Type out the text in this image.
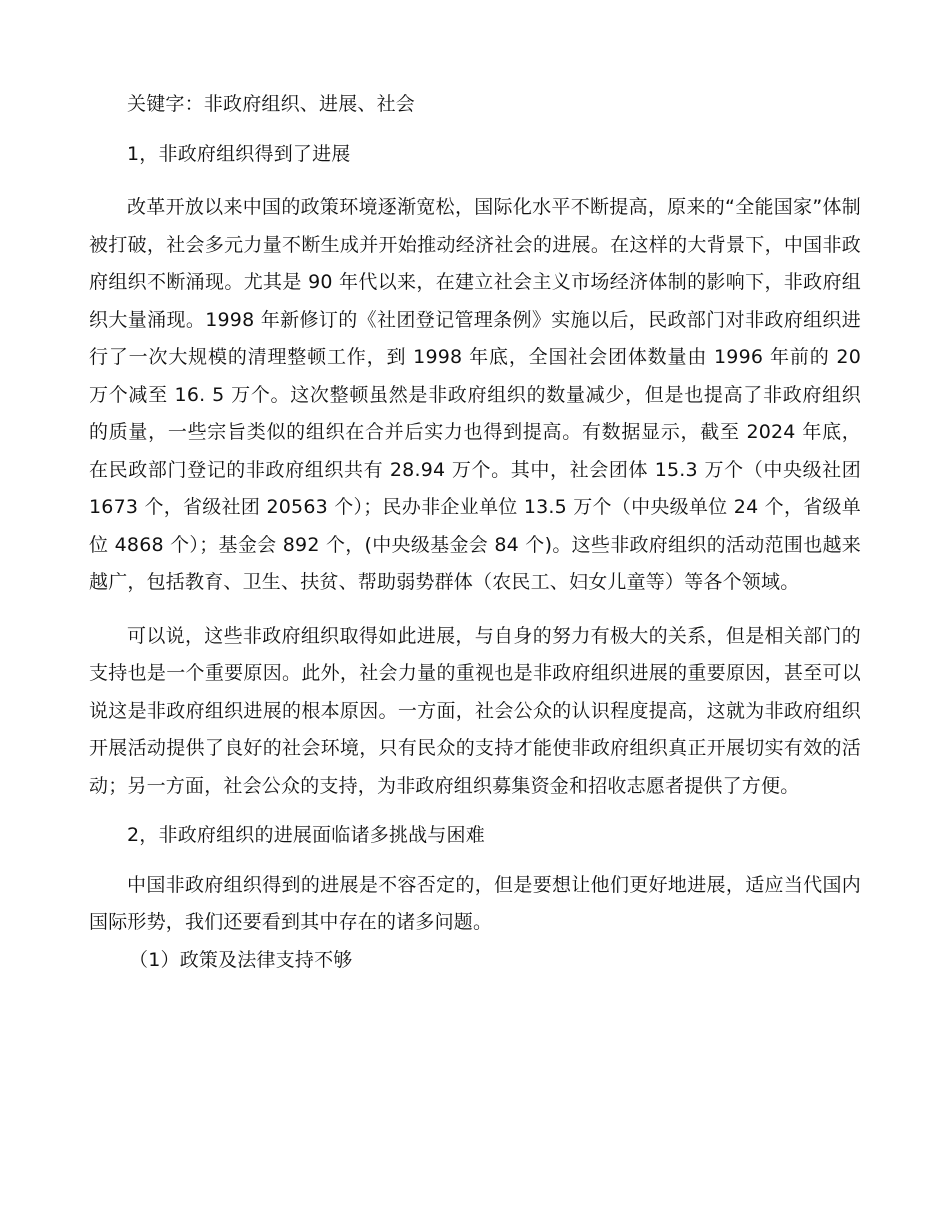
关键字：非政府组织、进展、社会

1，非政府组织得到了进展

改革开放以来中国的政策环境逐渐宽松，国际化水平不断提高，原来的“全能国家”体制被打破，社会多元力量不断生成并开始推动经济社会的进展。在这样的大背景下，中国非政府组织不断涌现。尤其是 90 年代以来，在建立社会主义市场经济体制的影响下，非政府组织大量涌现。1998 年新修订的《社团登记管理条例》实施以后，民政部门对非政府组织进行了一次大规模的清理整顿工作，到 1998 年底，全国社会团体数量由 1996 年前的 20 万个减至 16. 5 万个。这次整顿虽然是非政府组织的数量减少，但是也提高了非政府组织的质量，一些宗旨类似的组织在合并后实力也得到提高。有数据显示，截至 2024 年底，在民政部门登记的非政府组织共有 28.94 万个。其中，社会团体 15.3 万个（中央级社团 1673 个，省级社团 20563 个）；民办非企业单位 13.5 万个（中央级单位 24 个，省级单位 4868 个）；基金会 892 个，(中央级基金会 84 个)。这些非政府组织的活动范围也越来越广，包括教育、卫生、扶贫、帮助弱势群体（农民工、妇女儿童等）等各个领域。

可以说，这些非政府组织取得如此进展，与自身的努力有极大的关系，但是相关部门的支持也是一个重要原因。此外，社会力量的重视也是非政府组织进展的重要原因，甚至可以说这是非政府组织进展的根本原因。一方面，社会公众的认识程度提高，这就为非政府组织开展活动提供了良好的社会环境，只有民众的支持才能使非政府组织真正开展切实有效的活动；另一方面，社会公众的支持，为非政府组织募集资金和招收志愿者提供了方便。

2，非政府组织的进展面临诸多挑战与困难

中国非政府组织得到的进展是不容否定的，但是要想让他们更好地进展，适应当代国内国际形势，我们还要看到其中存在的诸多问题。

（1）政策及法律支持不够
